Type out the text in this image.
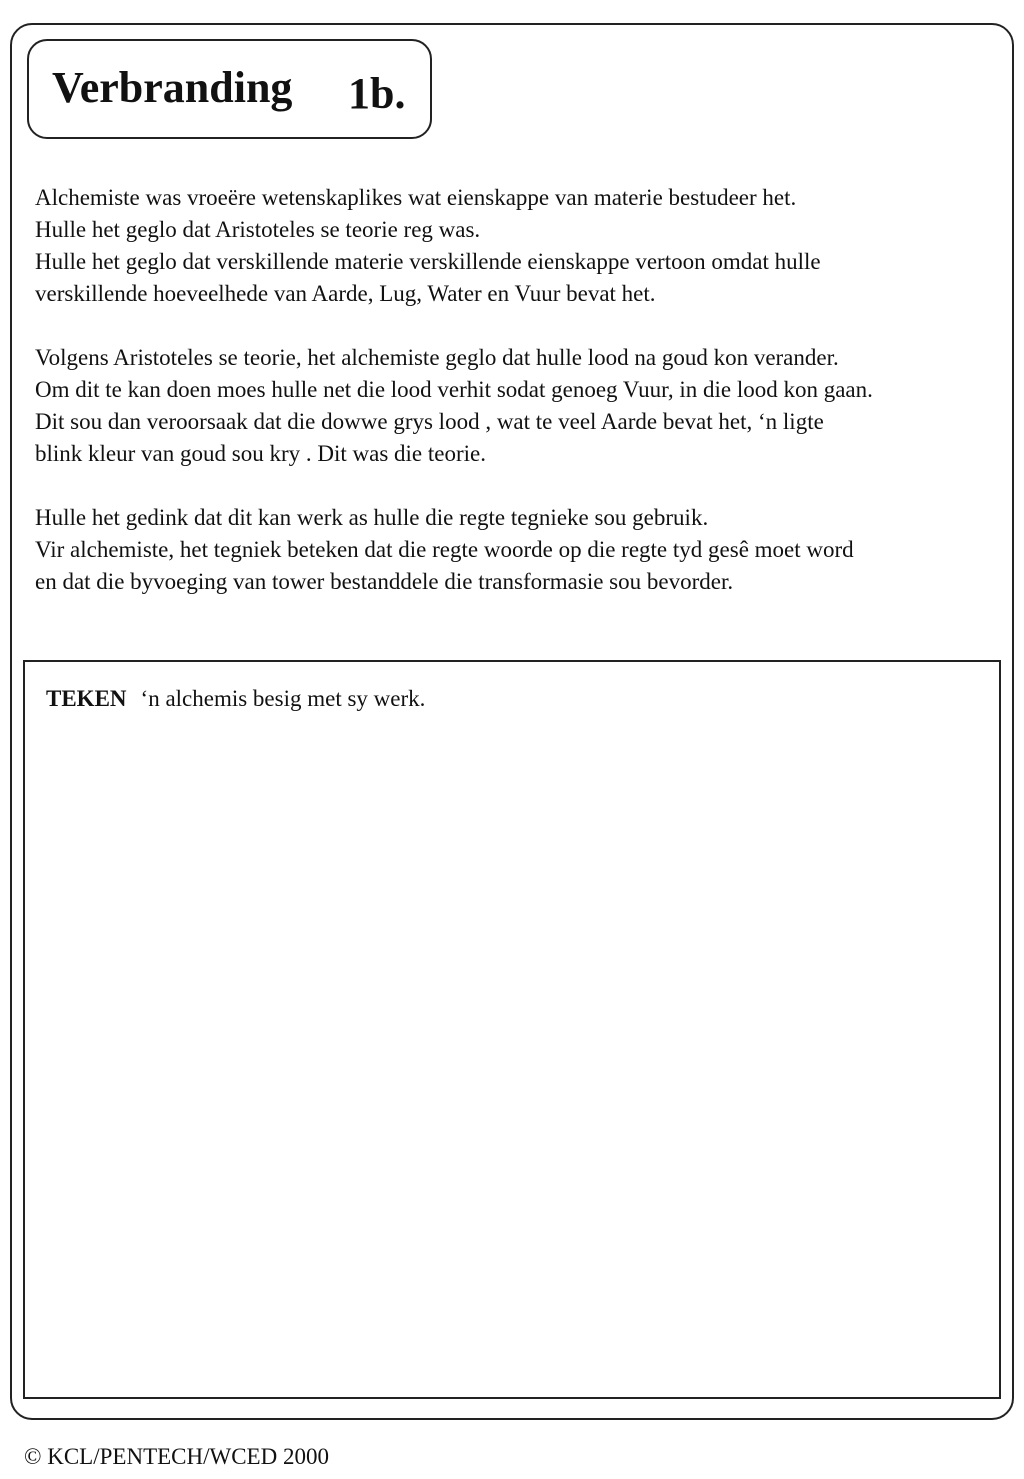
Verbranding 1b.
Alchemiste was vroeëre wetenskaplikes wat eienskappe van materie bestudeer het.
Hulle het geglo dat Aristoteles se teorie reg was.
Hulle het geglo dat verskillende materie verskillende eienskappe vertoon omdat hulle
verskillende hoeveelhede van Aarde, Lug, Water en Vuur bevat het.
Volgens Aristoteles se teorie, het alchemiste geglo dat hulle lood na goud kon verander.
Om dit te kan doen moes hulle net die lood verhit sodat genoeg Vuur, in die lood kon gaan.
Dit sou dan veroorsaak dat die dowwe grys lood , wat te veel Aarde bevat het, ‘n ligte
blink kleur van goud sou kry . Dit was die teorie.
Hulle het gedink dat dit kan werk as hulle die regte tegnieke sou gebruik.
Vir alchemiste, het tegniek beteken dat die regte woorde op die regte tyd gesê moet word
en dat die byvoeging van tower bestanddele die transformasie sou bevorder.
TEKEN ‘n alchemis besig met sy werk.
© KCL/PENTECH/WCED 2000
